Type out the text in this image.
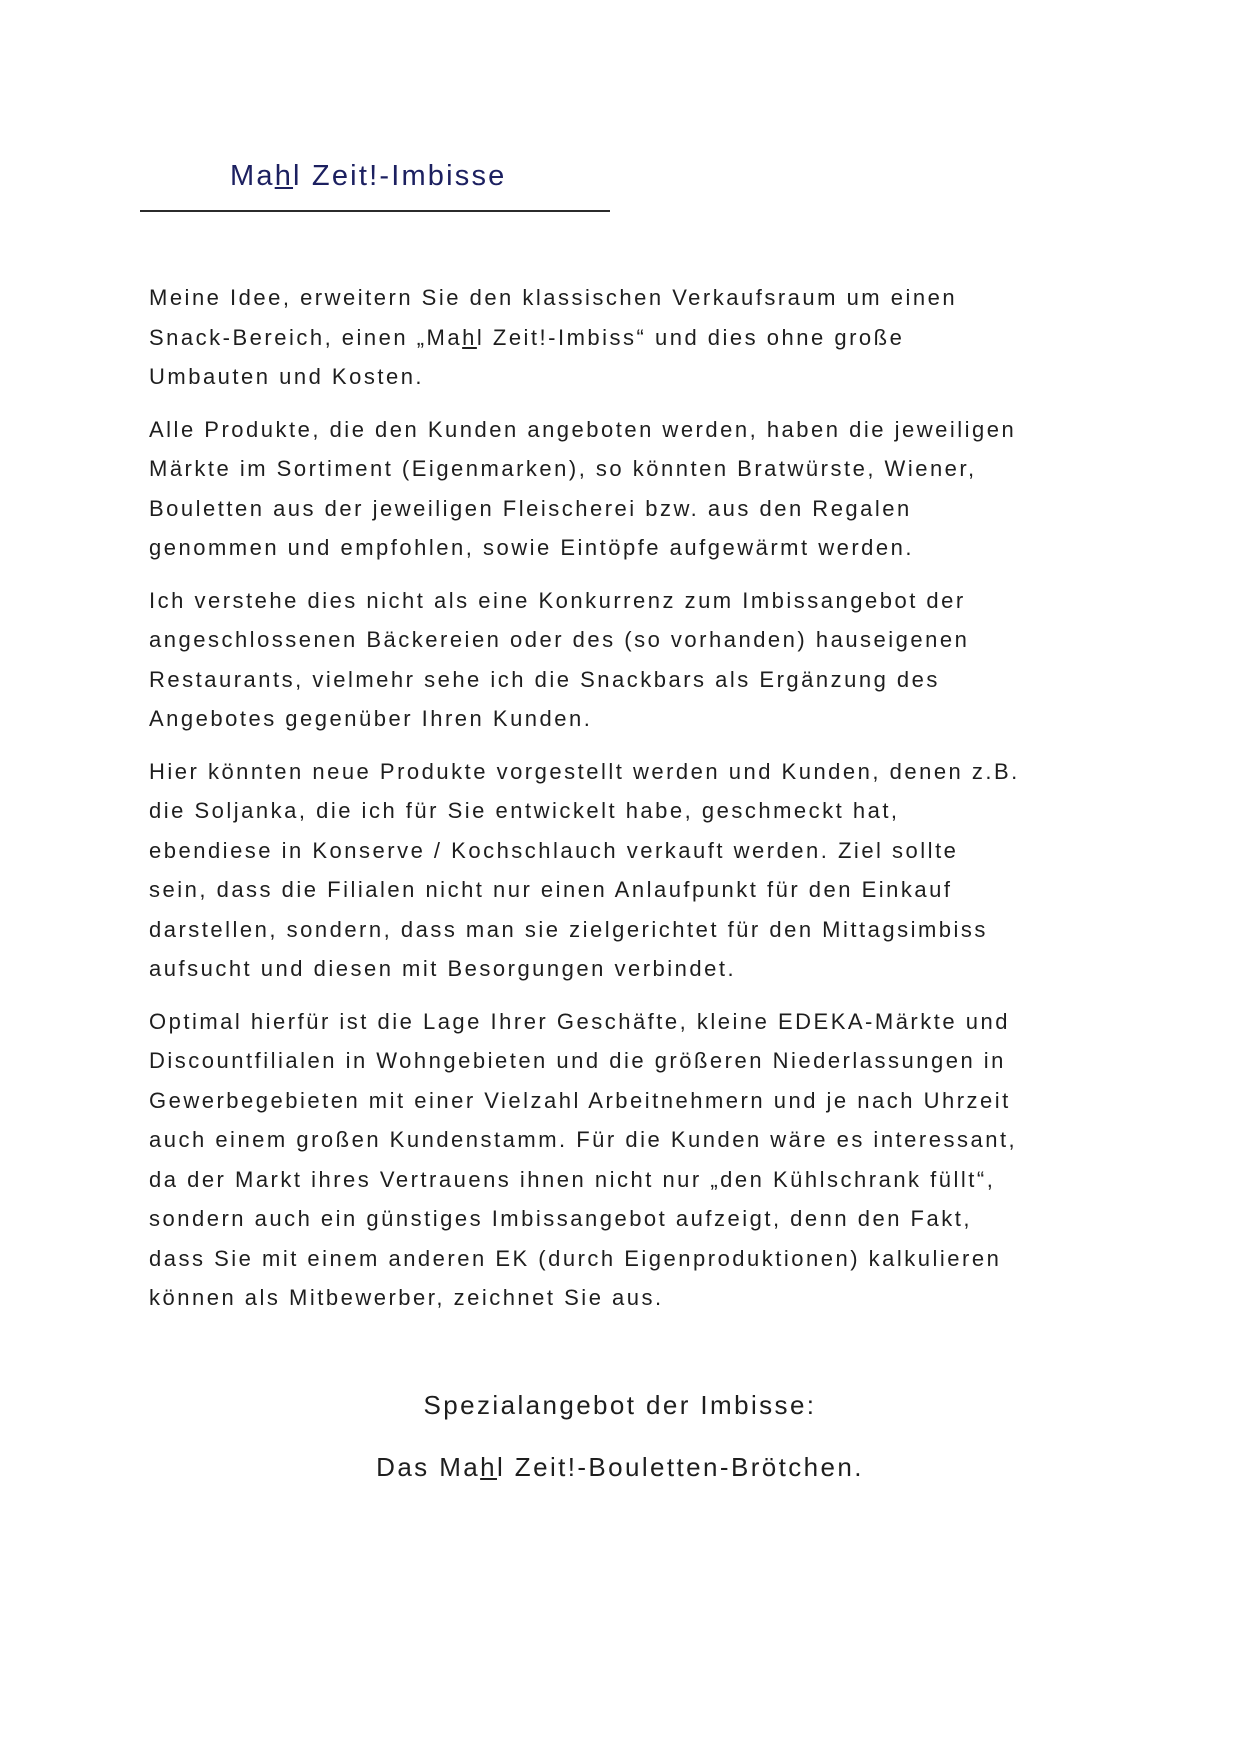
Mahl Zeit!-Imbisse

Meine Idee, erweitern Sie den klassischen Verkaufsraum um einen
Snack-Bereich, einen „Mahl Zeit!-Imbiss“ und dies ohne große
Umbauten und Kosten.

Alle Produkte, die den Kunden angeboten werden, haben die jeweiligen
Märkte im Sortiment (Eigenmarken), so könnten Bratwürste, Wiener,
Bouletten aus der jeweiligen Fleischerei bzw. aus den Regalen
genommen und empfohlen, sowie Eintöpfe aufgewärmt werden.

Ich verstehe dies nicht als eine Konkurrenz zum Imbissangebot der
angeschlossenen Bäckereien oder des (so vorhanden) hauseigenen
Restaurants, vielmehr sehe ich die Snackbars als Ergänzung des
Angebotes gegenüber Ihren Kunden.

Hier könnten neue Produkte vorgestellt werden und Kunden, denen z.B.
die Soljanka, die ich für Sie entwickelt habe, geschmeckt hat,
ebendiese in Konserve / Kochschlauch verkauft werden. Ziel sollte
sein, dass die Filialen nicht nur einen Anlaufpunkt für den Einkauf
darstellen, sondern, dass man sie zielgerichtet für den Mittagsimbiss
aufsucht und diesen mit Besorgungen verbindet.

Optimal hierfür ist die Lage Ihrer Geschäfte, kleine EDEKA-Märkte und
Discountfilialen in Wohngebieten und die größeren Niederlassungen in
Gewerbegebieten mit einer Vielzahl Arbeitnehmern und je nach Uhrzeit
auch einem großen Kundenstamm. Für die Kunden wäre es interessant,
da der Markt ihres Vertrauens ihnen nicht nur „den Kühlschrank füllt“,
sondern auch ein günstiges Imbissangebot aufzeigt, denn den Fakt,
dass Sie mit einem anderen EK (durch Eigenproduktionen) kalkulieren
können als Mitbewerber, zeichnet Sie aus.

Spezialangebot der Imbisse:
Das Mahl Zeit!-Bouletten-Brötchen.
